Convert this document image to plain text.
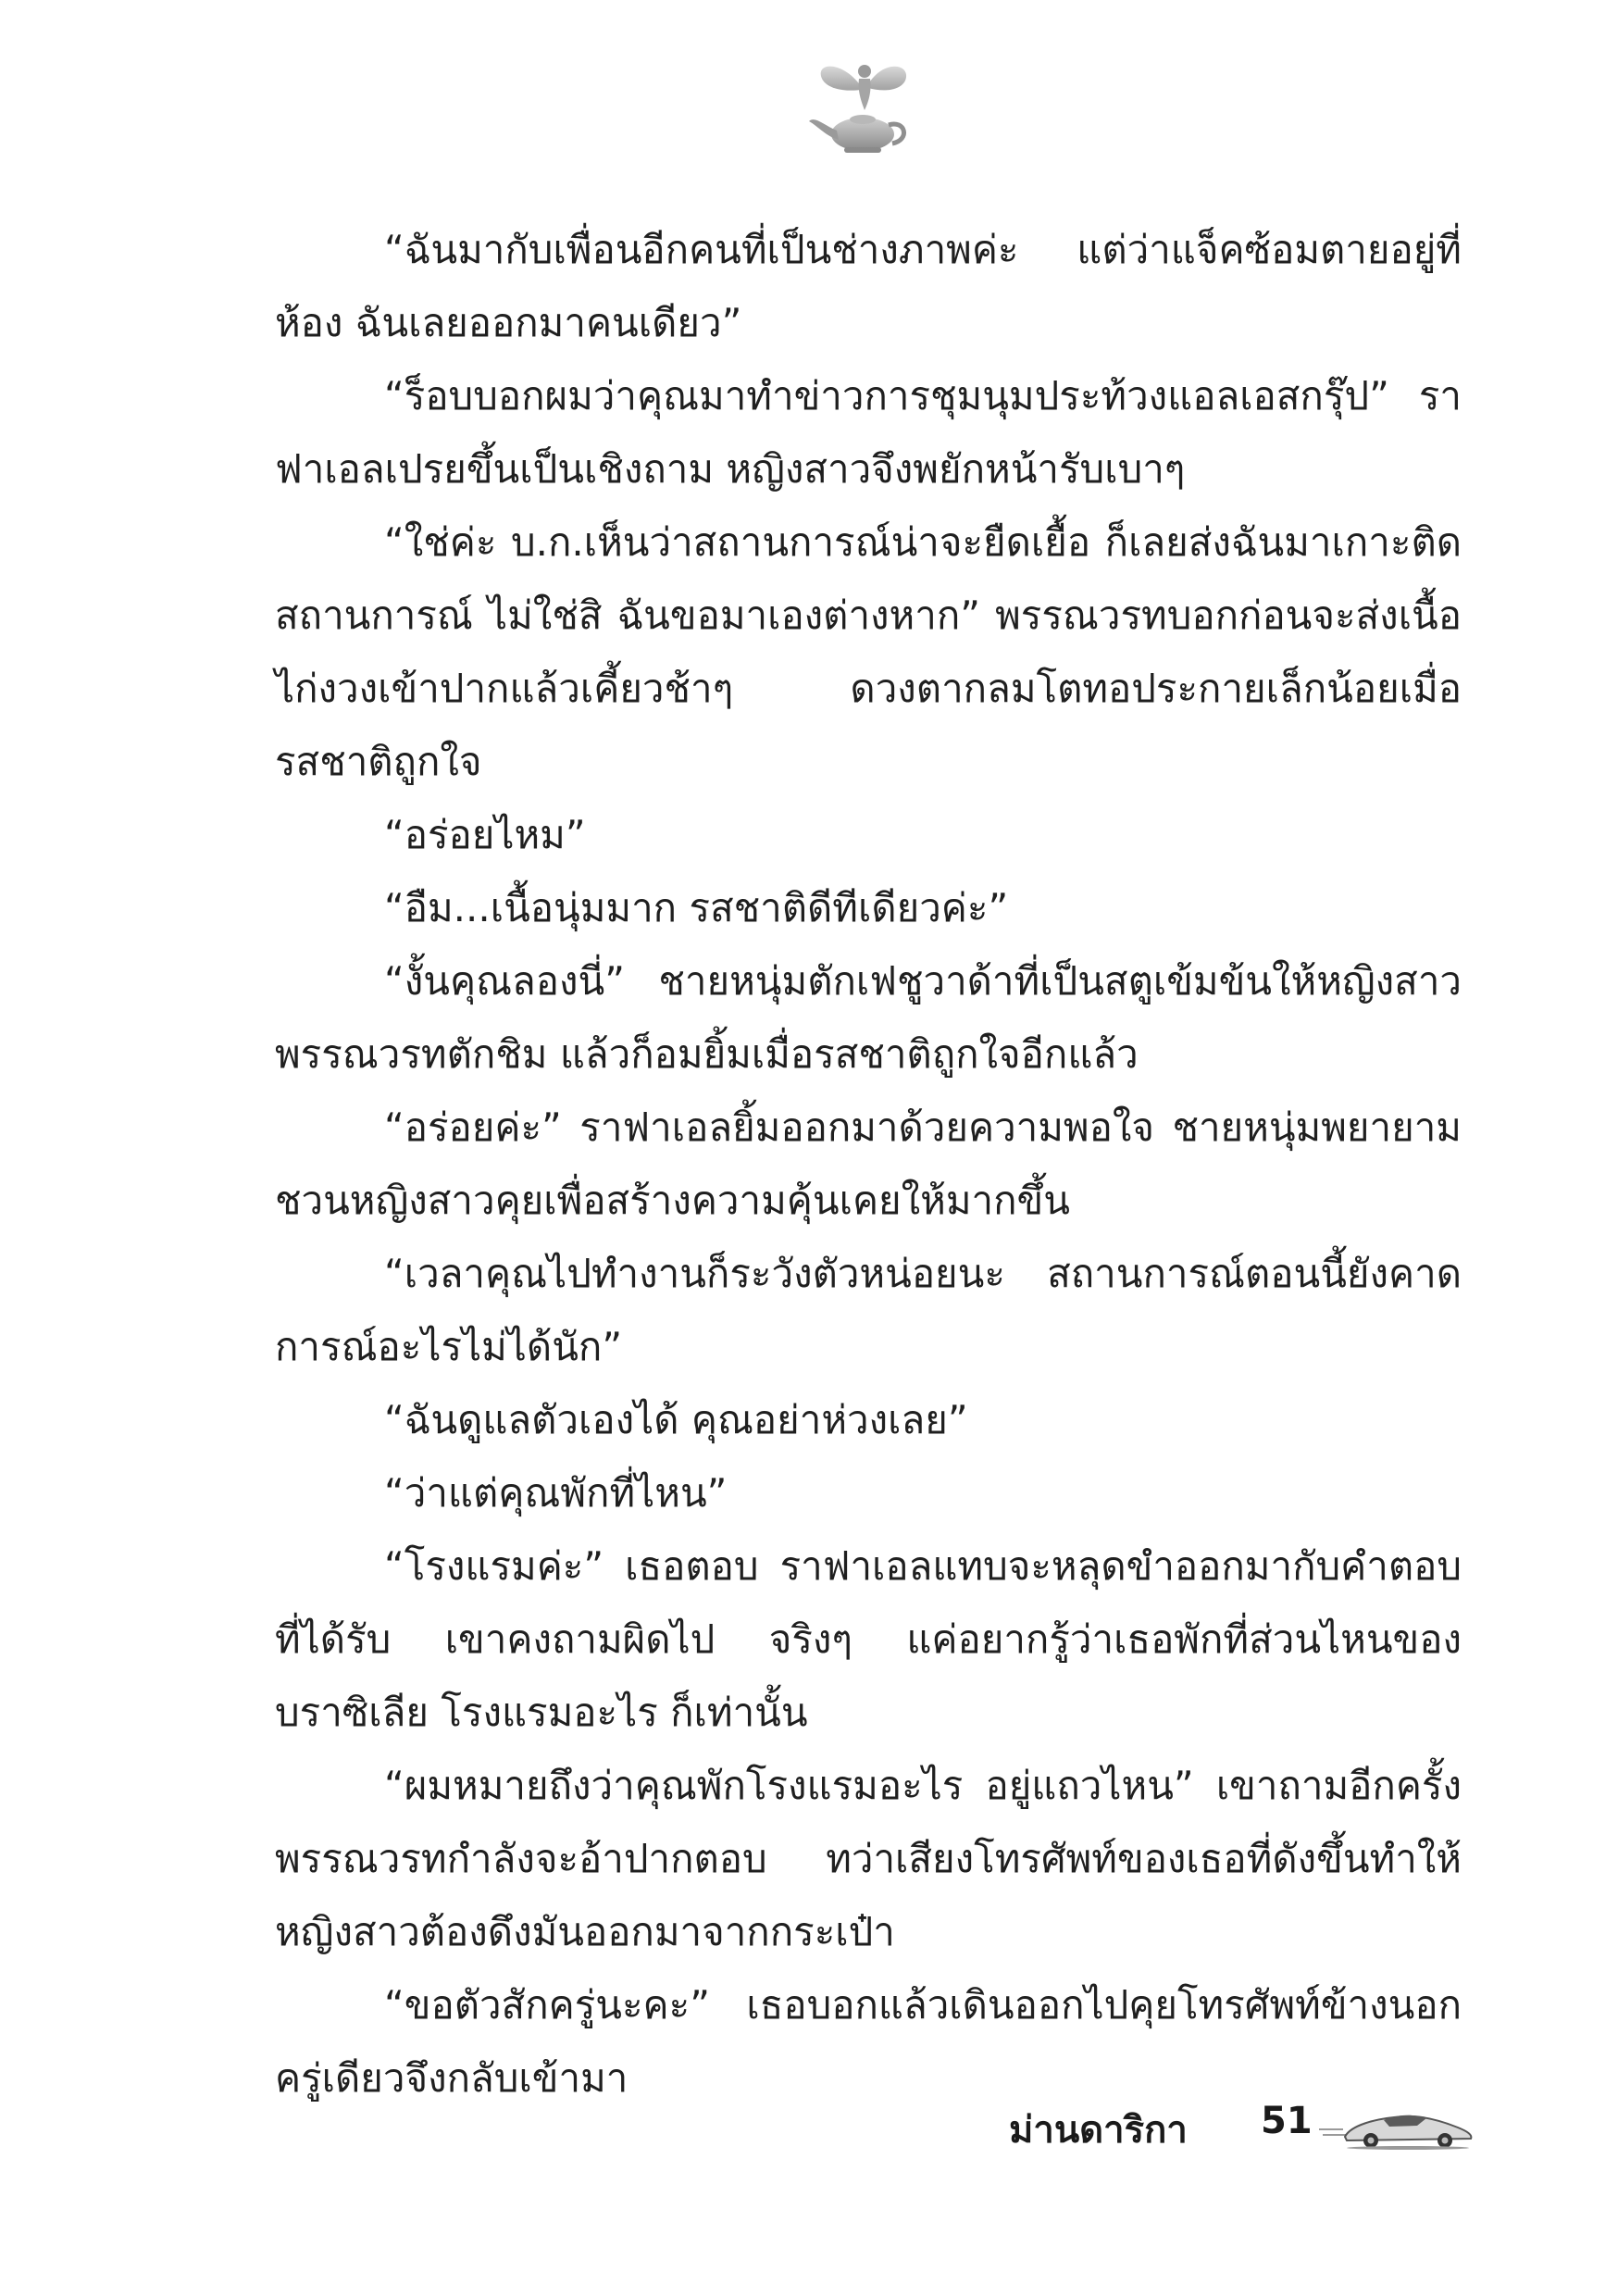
“ฉันมากับเพื่อนอีกคนที่เป็นช่างภาพค่ะ แต่ว่าแจ็คซ้อมตายอยู่ที่ห้อง ฉันเลยออกมาคนเดียว”

“ร็อบบอกผมว่าคุณมาทำข่าวการชุมนุมประท้วงแอลเอสกรุ๊ป” ราฟาเอลเปรยขึ้นเป็นเชิงถาม หญิงสาวจึงพยักหน้ารับเบาๆ

“ใช่ค่ะ บ.ก.เห็นว่าสถานการณ์น่าจะยืดเยื้อ ก็เลยส่งฉันมาเกาะติดสถานการณ์ ไม่ใช่สิ ฉันขอมาเองต่างหาก” พรรณวรทบอกก่อนจะส่งเนื้อไก่งวงเข้าปากแล้วเคี้ยวช้าๆ ดวงตากลมโตทอประกายเล็กน้อยเมื่อรสชาติถูกใจ

“อร่อยไหม”

“อืม...เนื้อนุ่มมาก รสชาติดีทีเดียวค่ะ”

“งั้นคุณลองนี่” ชายหนุ่มตักเฟชูวาด้าที่เป็นสตูเข้มข้นให้หญิงสาวพรรณวรทตักชิม แล้วก็อมยิ้มเมื่อรสชาติถูกใจอีกแล้ว

“อร่อยค่ะ” ราฟาเอลยิ้มออกมาด้วยความพอใจ ชายหนุ่มพยายามชวนหญิงสาวคุยเพื่อสร้างความคุ้นเคยให้มากขึ้น

“เวลาคุณไปทำงานก็ระวังตัวหน่อยนะ สถานการณ์ตอนนี้ยังคาดการณ์อะไรไม่ได้นัก”

“ฉันดูแลตัวเองได้ คุณอย่าห่วงเลย”

“ว่าแต่คุณพักที่ไหน”

“โรงแรมค่ะ” เธอตอบ ราฟาเอลแทบจะหลุดขำออกมากับคำตอบที่ได้รับ เขาคงถามผิดไป จริงๆ แค่อยากรู้ว่าเธอพักที่ส่วนไหนของบราซิเลีย โรงแรมอะไร ก็เท่านั้น

“ผมหมายถึงว่าคุณพักโรงแรมอะไร อยู่แถวไหน” เขาถามอีกครั้ง พรรณวรทกำลังจะอ้าปากตอบ ทว่าเสียงโทรศัพท์ของเธอที่ดังขึ้นทำให้หญิงสาวต้องดึงมันออกมาจากกระเป๋า

“ขอตัวสักครู่นะคะ” เธอบอกแล้วเดินออกไปคุยโทรศัพท์ข้างนอก ครู่เดียวจึงกลับเข้ามา

ม่านดาริกา 51
